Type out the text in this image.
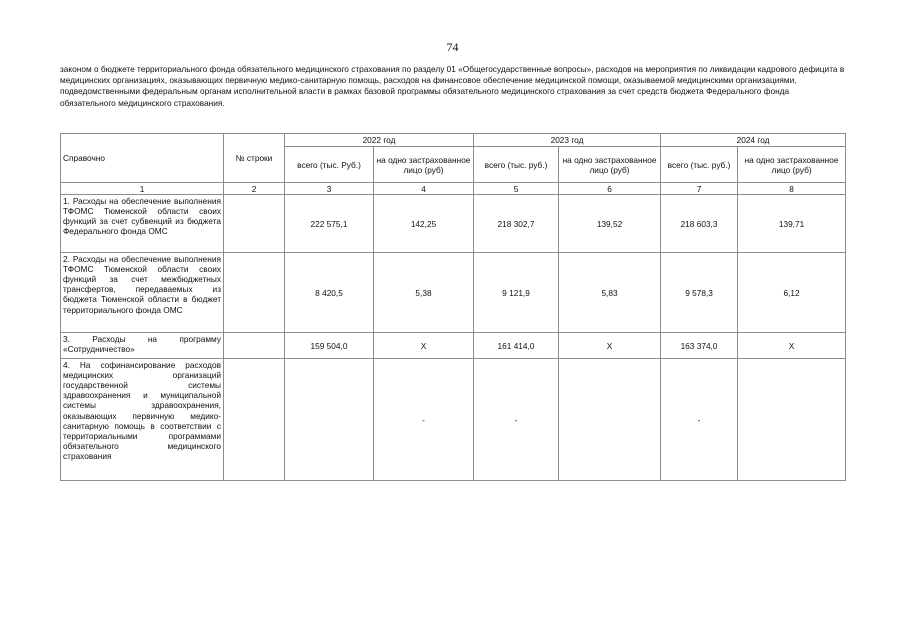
74
законом о бюджете территориального фонда обязательного медицинского страхования по разделу 01 «Общегосударственные вопросы», расходов на мероприятия по ликвидации кадрового дефицита в медицинских организациях, оказывающих первичную медико-санитарную помощь, расходов на финансовое обеспечение медицинской помощи, оказываемой медицинскими организациями, подведомственными федеральным органам исполнительной власти в рамках базовой программы обязательного медицинского страхования за счет средств бюджета Федерального фонда обязательного медицинского страхования.
Справочно	№ строки	2022 год		2023 год		2024 год	
		всего (тыс. Руб.)	на одно застрахованное лицо (руб)	всего (тыс. руб.)	на одно застрахованное лицо (руб)	всего (тыс. руб.)	на одно застрахованное лицо (руб)
1	2	3	4	5	6	7	8
1. Расходы на обеспечение выполнения ТФОМС Тюменской области своих функций за счет субвенций из бюджета Федерального фонда ОМС		222 575,1	142,25	218 302,7	139,52	218 603,3	139,71
2. Расходы на обеспечение выполнения ТФОМС Тюменской области своих функций за счет межбюджетных трансфертов, передаваемых из бюджета Тюменской области в бюджет территориального фонда ОМС		8 420,5	5,38	9 121,9	5,83	9 578,3	6,12
3. Расходы на программу «Сотрудничество»		159 504,0	X	161 414,0	X	163 374,0	X
4. На софинансирование расходов медицинских организаций государственной системы здравоохранения и муниципальной системы здравоохранения, оказывающих первичную медико-санитарную помощь в соответствии с территориальными программами обязательного медицинского страхования			-	-		-	
